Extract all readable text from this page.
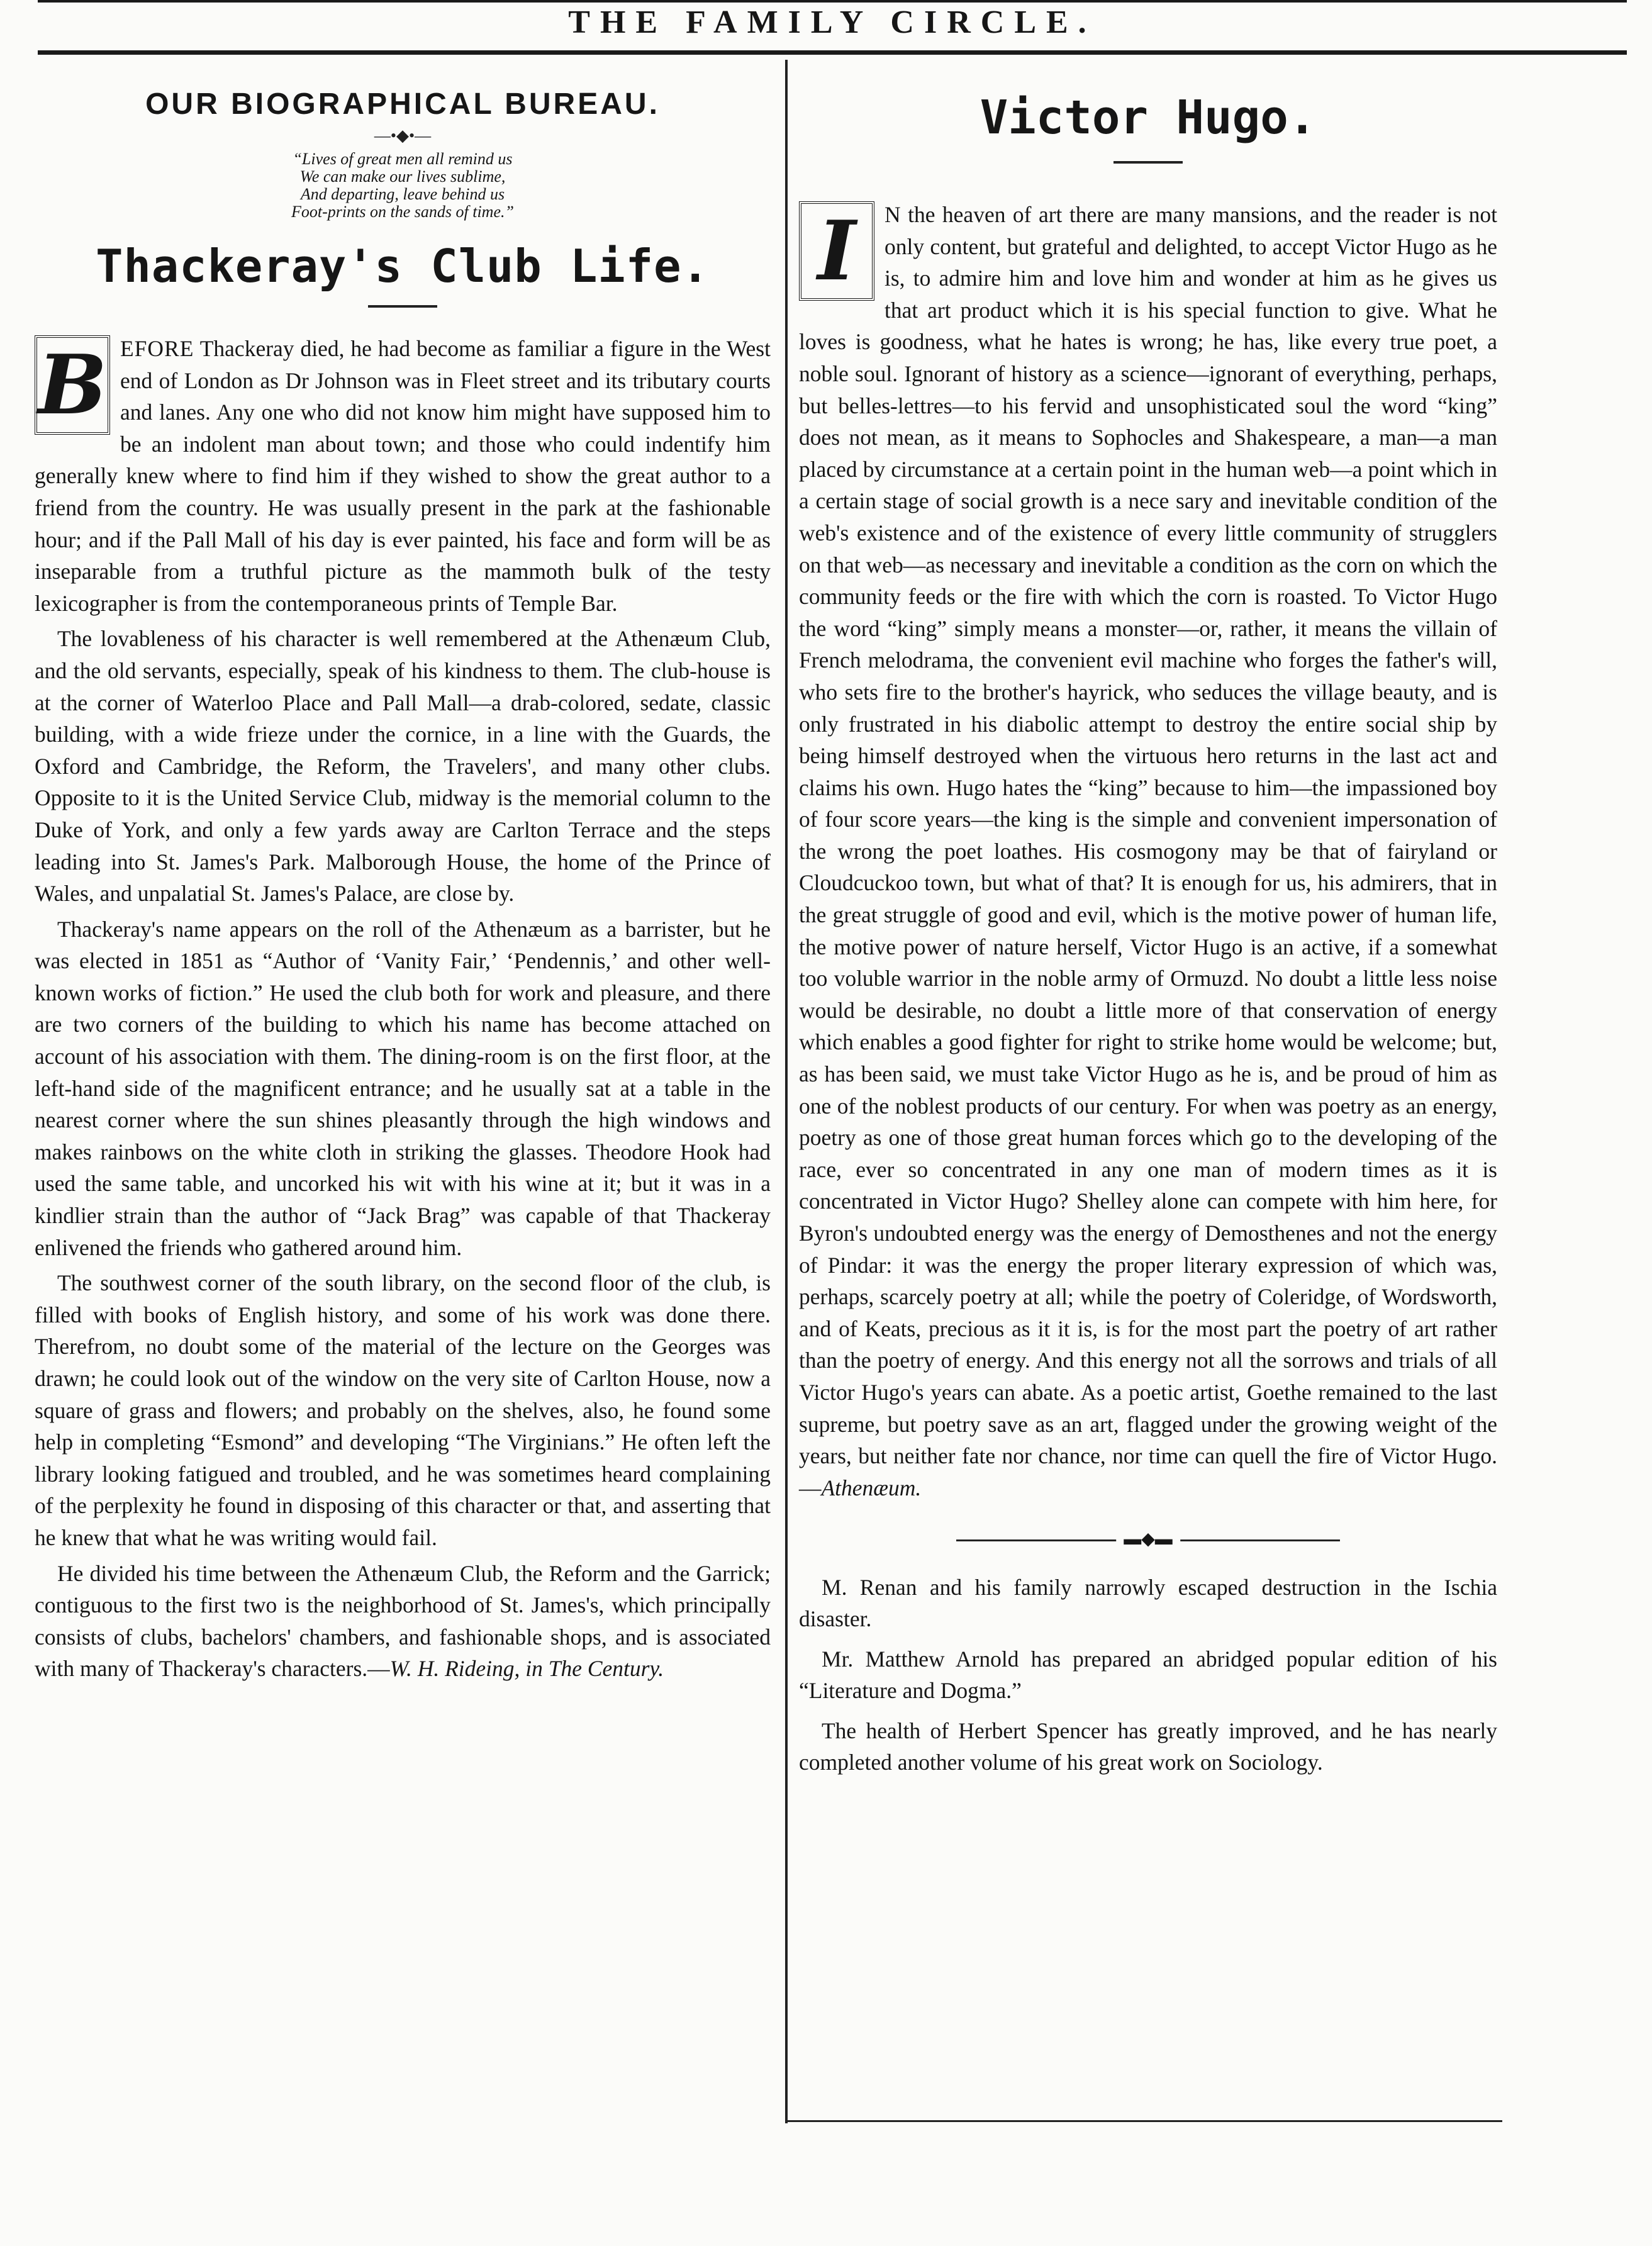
THE FAMILY CIRCLE.
OUR BIOGRAPHICAL BUREAU.
—•◆•—
“Lives of great men all remind us
We can make our lives sublime,
And departing, leave behind us
Foot-prints on the sands of time.”
Thackeray's Club Life.

B EFORE Thackeray died, he had become as familiar a figure in the West end of London as Dr Johnson was in Fleet street and its tributary courts and lanes. Any one who did not know him might have supposed him to be an indolent man about town; and those who could indentify him generally knew where to find him if they wished to show the great author to a friend from the country. He was usually present in the park at the fashionable hour; and if the Pall Mall of his day is ever painted, his face and form will be as inseparable from a truthful picture as the mammoth bulk of the testy lexicographer is from the contemporaneous prints of Temple Bar.

The lovableness of his character is well remembered at the Athenæum Club, and the old servants, especially, speak of his kindness to them. The club-house is at the corner of Waterloo Place and Pall Mall—a drab-colored, sedate, classic building, with a wide frieze under the cornice, in a line with the Guards, the Oxford and Cambridge, the Reform, the Travelers', and many other clubs. Opposite to it is the United Service Club, midway is the memorial column to the Duke of York, and only a few yards away are Carlton Terrace and the steps leading into St. James's Park. Malborough House, the home of the Prince of Wales, and unpalatial St. James's Palace, are close by.

Thackeray's name appears on the roll of the Athenæum as a barrister, but he was elected in 1851 as “Author of ‘Vanity Fair,’ ‘Pendennis,’ and other well-known works of fiction.” He used the club both for work and pleasure, and there are two corners of the building to which his name has become attached on account of his association with them. The dining-room is on the first floor, at the left-hand side of the magnificent entrance; and he usually sat at a table in the nearest corner where the sun shines pleasantly through the high windows and makes rainbows on the white cloth in striking the glasses. Theodore Hook had used the same table, and uncorked his wit with his wine at it; but it was in a kindlier strain than the author of “Jack Brag” was capable of that Thackeray enlivened the friends who gathered around him.

The southwest corner of the south library, on the second floor of the club, is filled with books of English history, and some of his work was done there. Therefrom, no doubt some of the material of the lecture on the Georges was drawn; he could look out of the window on the very site of Carlton House, now a square of grass and flowers; and probably on the shelves, also, he found some help in completing “Esmond” and developing “The Virginians.” He often left the library looking fatigued and troubled, and he was sometimes heard complaining of the perplexity he found in disposing of this character or that, and asserting that he knew that what he was writing would fail.

He divided his time between the Athenæum Club, the Reform and the Garrick; contiguous to the first two is the neighborhood of St. James's, which principally consists of clubs, bachelors' chambers, and fashionable shops, and is associated with many of Thackeray's characters.—W. H. Rideing, in The Century.

Victor Hugo.

I	N the heaven of art there are many mansions, and the reader is not only content, but grateful and delighted, to accept Victor Hugo as he is, to admire him and love him and wonder at him as he gives us that art product which it is his special function to give. What he loves is goodness, what he hates is wrong; he has, like every true poet, a noble soul. Ignorant of history as a science—ignorant of everything, perhaps, but belles-lettres—to his fervid and unsophisticated soul the word “king” does not mean, as it means to Sophocles and Shakespeare, a man—a man placed by circumstance at a certain point in the human web—a point which in a certain stage of social growth is a nece sary and inevitable condition of the web's existence and of the existence of every little community of strugglers on that web—as necessary and inevitable a condition as the corn on which the community feeds or the fire with which the corn is roasted. To Victor Hugo the word “king” simply means a monster—or, rather, it means the villain of French melodrama, the convenient evil machine who forges the father's will, who sets fire to the brother's hayrick, who seduces the village beauty, and is only frustrated in his diabolic attempt to destroy the entire social ship by being himself destroyed when the virtuous hero returns in the last act and claims his own. Hugo hates the “king” because to him—the impassioned boy of four score years—the king is the simple and convenient impersonation of the wrong the poet loathes. His cosmogony may be that of fairyland or Cloudcuckoo town, but what of that? It is enough for us, his admirers, that in the great struggle of good and evil, which is the motive power of human life, the motive power of nature herself, Victor Hugo is an active, if a somewhat too voluble warrior in the noble army of Ormuzd. No doubt a little less noise would be desirable, no doubt a little more of that conservation of energy which enables a good fighter for right to strike home would be welcome; but, as has been said, we must take Victor Hugo as he is, and be proud of him as one of the noblest products of our century. For when was poetry as an energy, poetry as one of those great human forces which go to the developing of the race, ever so concentrated in any one man of modern times as it is concentrated in Victor Hugo? Shelley alone can compete with him here, for Byron's undoubted energy was the energy of Demosthenes and not the energy of Pindar: it was the energy the proper literary expression of which was, perhaps, scarcely poetry at all; while the poetry of Coleridge, of Wordsworth, and of Keats, precious as it it is, is for the most part the poetry of art rather than the poetry of energy. And this energy not all the sorrows and trials of all Victor Hugo's years can abate. As a poetic artist, Goethe remained to the last supreme, but poetry save as an art, flagged under the growing weight of the years, but neither fate nor chance, nor time can quell the fire of Victor Hugo.—Athenæum.

▬◆▬

M. Renan and his family narrowly escaped destruction in the Ischia disaster.

Mr. Matthew Arnold has prepared an abridged popular edition of his “Literature and Dogma.”

The health of Herbert Spencer has greatly improved, and he has nearly completed another volume of his great work on Sociology.
